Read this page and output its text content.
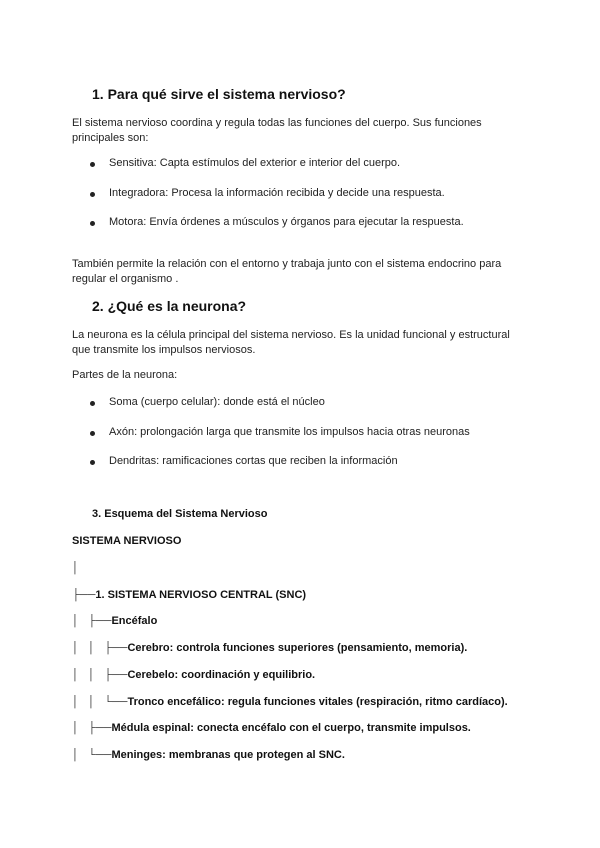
1. Para qué sirve el sistema nervioso?
El sistema nervioso coordina y regula todas las funciones del cuerpo. Sus funciones
principales son:
Sensitiva: Capta estímulos del exterior e interior del cuerpo.
Integradora: Procesa la información recibida y decide una respuesta.
Motora: Envía órdenes a músculos y órganos para ejecutar la respuesta.
También permite la relación con el entorno y trabaja junto con el sistema endocrino para
regular el organismo .
2. ¿Qué es la neurona?
La neurona es la célula principal del sistema nervioso. Es la unidad funcional y estructural
que transmite los impulsos nerviosos.
Partes de la neurona:
Soma (cuerpo celular): donde está el núcleo
Axón: prolongación larga que transmite los impulsos hacia otras neuronas
Dendritas: ramificaciones cortas que reciben la información
3. Esquema del Sistema Nervioso
SISTEMA NERVIOSO
│
├──1. SISTEMA NERVIOSO CENTRAL (SNC)
│   ├──Encéfalo
│   │   ├──Cerebro: controla funciones superiores (pensamiento, memoria).
│   │   ├──Cerebelo: coordinación y equilibrio.
│   │   └──Tronco encefálico: regula funciones vitales (respiración, ritmo cardíaco).
│   ├──Médula espinal: conecta encéfalo con el cuerpo, transmite impulsos.
│   └──Meninges: membranas que protegen al SNC.
